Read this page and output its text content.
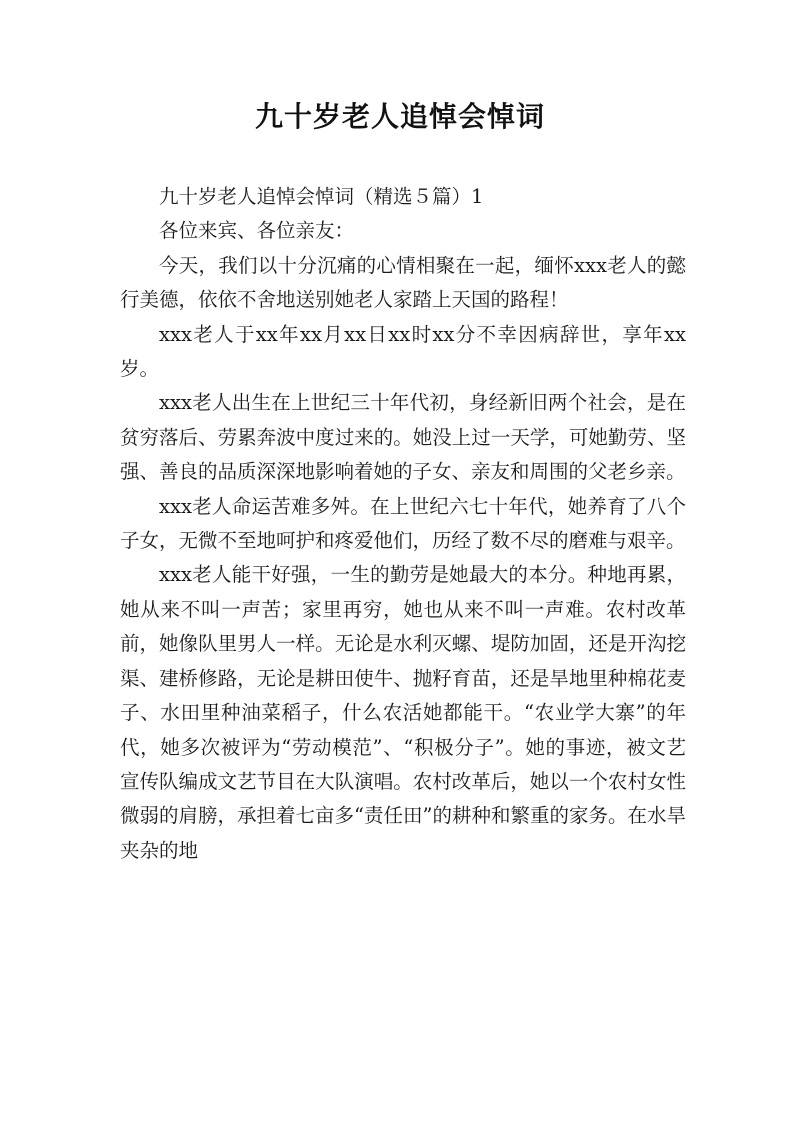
九十岁老人追悼会悼词

九十岁老人追悼会悼词（精选５篇）1

各位来宾、各位亲友：

今天，我们以十分沉痛的心情相聚在一起，缅怀xxx老人的懿行美德，依依不舍地送别她老人家踏上天国的路程！

xxx老人于xx年xx月xx日xx时xx分不幸因病辞世，享年xx岁。

xxx老人出生在上世纪三十年代初，身经新旧两个社会，是在贫穷落后、劳累奔波中度过来的。她没上过一天学，可她勤劳、坚强、善良的品质深深地影响着她的子女、亲友和周围的父老乡亲。

xxx老人命运苦难多舛。在上世纪六七十年代，她养育了八个子女，无微不至地呵护和疼爱他们，历经了数不尽的磨难与艰辛。

xxx老人能干好强，一生的勤劳是她最大的本分。种地再累，她从来不叫一声苦；家里再穷，她也从来不叫一声难。农村改革前，她像队里男人一样。无论是水利灭螺、堤防加固，还是开沟挖渠、建桥修路，无论是耕田使牛、抛籽育苗，还是旱地里种棉花麦子、水田里种油菜稻子，什么农活她都能干。“农业学大寨”的年代，她多次被评为“劳动模范”、“积极分子”。她的事迹，被文艺宣传队编成文艺节目在大队演唱。农村改革后，她以一个农村女性微弱的肩膀，承担着七亩多“责任田”的耕种和繁重的家务。在水旱夹杂的地
